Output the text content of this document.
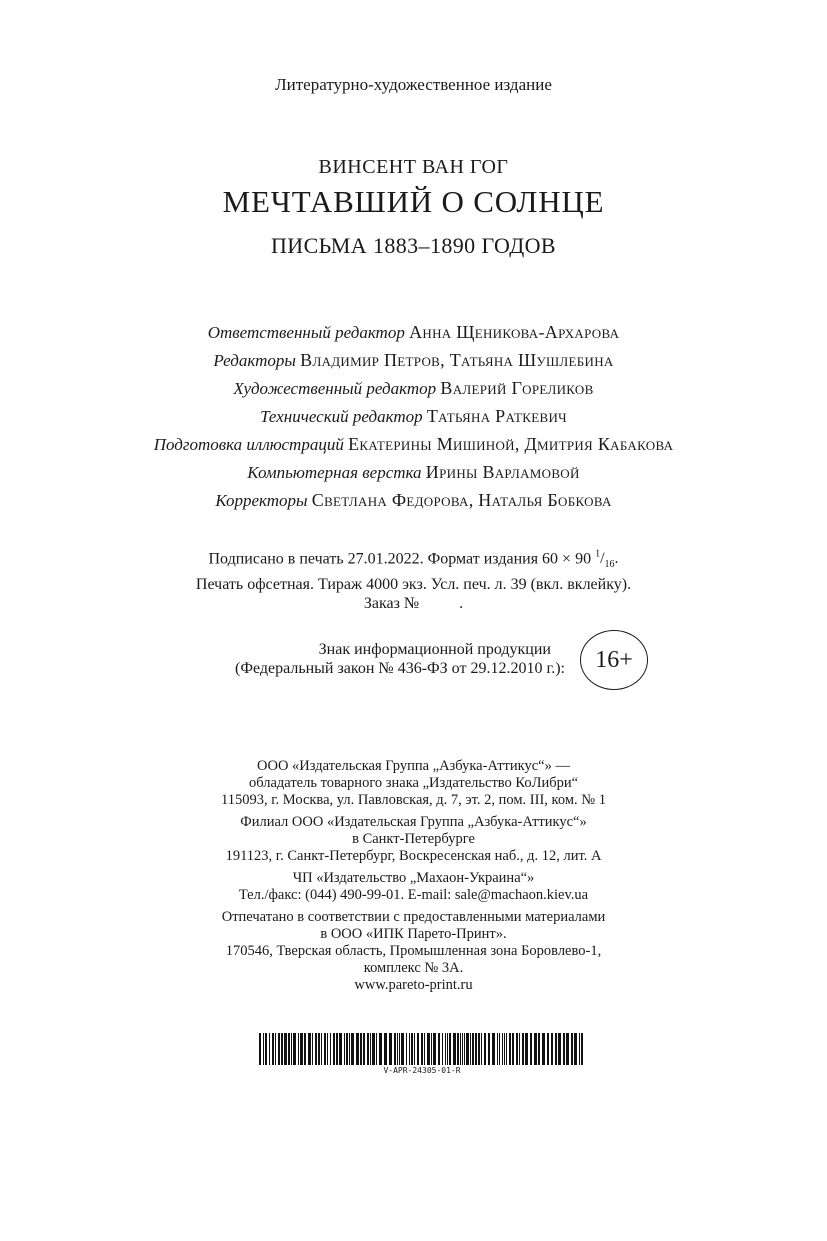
Литературно-художественное издание
ВИНСЕНТ ВАН ГОГ
МЕЧТАВШИЙ О СОЛНЦЕ
ПИСЬМА 1883–1890 ГОДОВ
Ответственный редактор Анна Щеникова-Архарова
Редакторы Владимир Петров, Татьяна Шушлебина
Художественный редактор Валерий Гореликов
Технический редактор Татьяна Раткевич
Подготовка иллюстраций Екатерины Мишиной, Дмитрия Кабакова
Компьютерная верстка Ирины Варламовой
Корректоры Светлана Федорова, Наталья Бобкова
Подписано в печать 27.01.2022. Формат издания 60 × 90 $^1/_{16}$.
Печать офсетная. Тираж 4000 экз. Усл. печ. л. 39 (вкл. вклейку).
Заказ №          .
Знак информационной продукции
(Федеральный закон № 436-ФЗ от 29.12.2010 г.):	16+
ООО «Издательская Группа „Азбука-Аттикус“» —
обладатель товарного знака „Издательство КоЛибри“
115093, г. Москва, ул. Павловская, д. 7, эт. 2, пом. III, ком. № 1
Филиал ООО «Издательская Группа „Азбука-Аттикус“»
в Санкт-Петербурге
191123, г. Санкт-Петербург, Воскресенская наб., д. 12, лит. А
ЧП «Издательство „Махаон-Украина“»
Тел./факс: (044) 490-99-01. E-mail: sale@machaon.kiev.ua
Отпечатано в соответствии с предоставленными материалами
в ООО «ИПК Парето-Принт».
170546, Тверская область, Промышленная зона Боровлево-1,
комплекс № 3А.
www.pareto-print.ru
V-APR-24305-01-R
